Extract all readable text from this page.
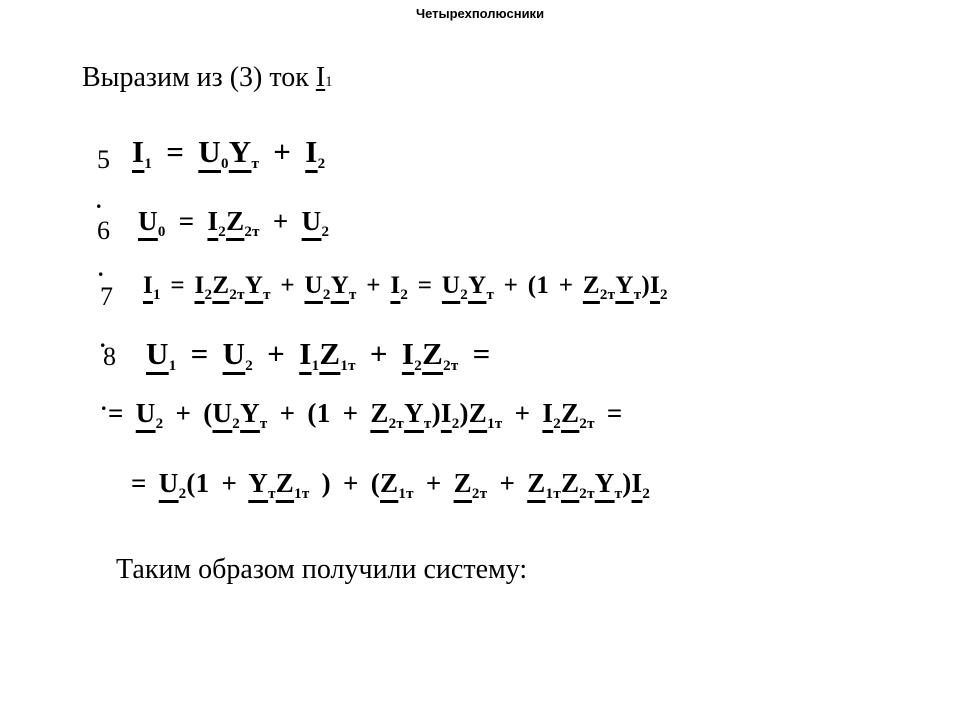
Четырехполюсники
Выразим из (3) ток I1
5
.
6
.
7
.
8
.
$I_1 = U_0Y_т + I_2$
$U_0 = I_2Z_{2т} + U_2$
$I_1 = I_2Z_{2т}Y_т + U_2Y_т + I_2 = U_2Y_т + (1 + Z_{2т}Y_т)I_2$
$U_1 = U_2 + I_1Z_{1т} + I_2Z_{2т}$ =
= $U_2 + (U_2Y_т + (1 + Z_{2т}Y_т)I_2)Z_{1т} + I_2Z_{2т}$ =
= $U_2(1 + Y_тZ_{1т}$ ) + $(Z_{1т} + Z_{2т} + Z_{1т}Z_{2т}Y_т)I_2$
Таким образом получили систему:
